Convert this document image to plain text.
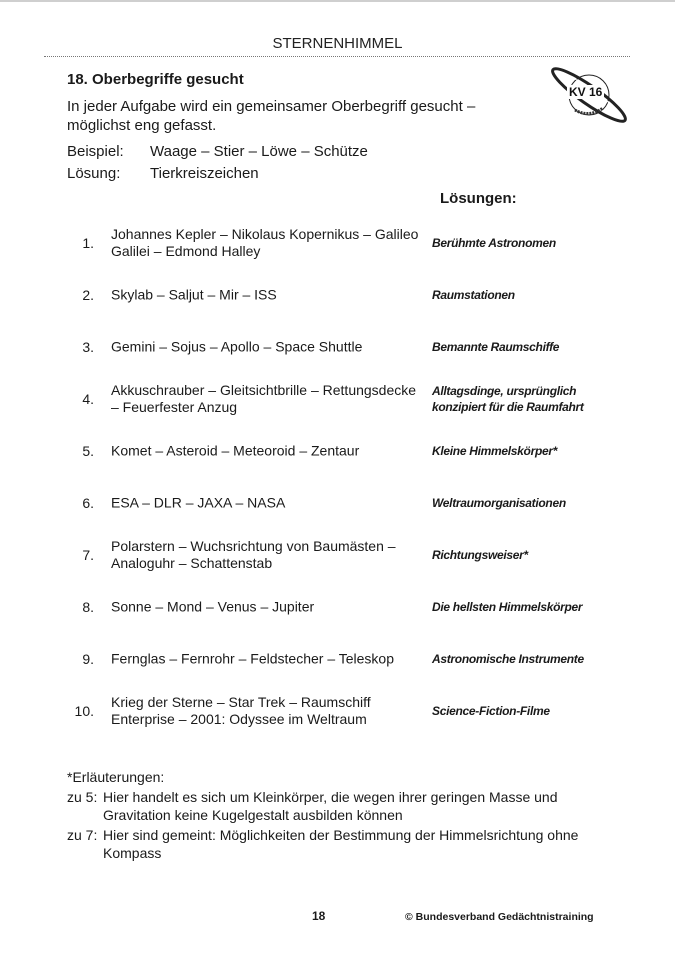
STERNENHIMMEL
18. Oberbegriffe gesucht
KV 16
In jeder Aufgabe wird ein gemeinsamer Oberbegriff gesucht – möglichst eng gefasst.
Beispiel: Waage – Stier – Löwe – Schütze
Lösung: Tierkreiszeichen
Lösungen:
1.
Johannes Kepler – Nikolaus Kopernikus – Galileo Galilei – Edmond Halley	Berühmte Astronomen
2. Skylab – Saljut – Mir – ISS	Raumstationen
3. Gemini – Sojus – Apollo – Space Shuttle	Bemannte Raumschiffe
4.
Akkuschrauber – Gleitsichtbrille – Rettungsdecke – Feuerfester Anzug
Alltagsdinge, ursprünglich konzipiert für die Raumfahrt
5. Komet – Asteroid – Meteoroid – Zentaur	Kleine Himmelskörper*
6. ESA – DLR – JAXA – NASA	Weltraumorganisationen
7.
Polarstern – Wuchsrichtung von Baumästen – Analoguhr – Schattenstab	Richtungsweiser*
8. Sonne – Mond – Venus – Jupiter	Die hellsten Himmelskörper
9. Fernglas – Fernrohr – Feldstecher – Teleskop	Astronomische Instrumente
10.
Krieg der Sterne – Star Trek – Raumschiff Enterprise – 2001: Odyssee im Weltraum	Science-Fiction-Filme
*Erläuterungen:
zu 5: Hier handelt es sich um Kleinkörper, die wegen ihrer geringen Masse und Gravitation keine Kugelgestalt ausbilden können
zu 7: Hier sind gemeint: Möglichkeiten der Bestimmung der Himmelsrichtung ohne Kompass
18	© Bundesverband Gedächtnistraining
